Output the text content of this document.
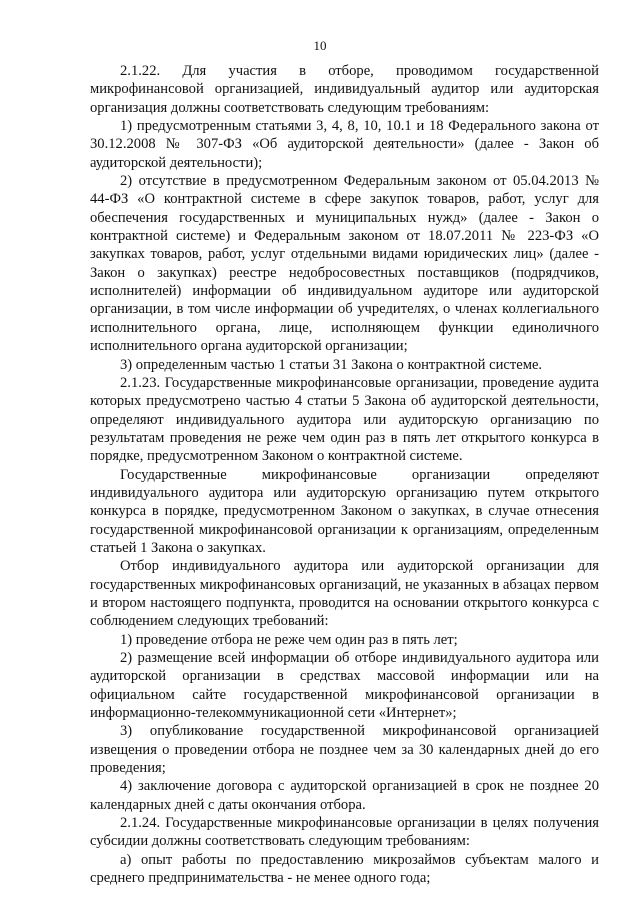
10

2.1.22. Для участия в отборе, проводимом государственной микрофинансовой организацией, индивидуальный аудитор или аудиторская организация должны соответствовать следующим требованиям:

1) предусмотренным статьями 3, 4, 8, 10, 10.1 и 18 Федерального закона от 30.12.2008 № 307-ФЗ «Об аудиторской деятельности» (далее - Закон об аудиторской деятельности);

2) отсутствие в предусмотренном Федеральным законом от 05.04.2013 № 44-ФЗ «О контрактной системе в сфере закупок товаров, работ, услуг для обеспечения государственных и муниципальных нужд» (далее - Закон о контрактной системе) и Федеральным законом от 18.07.2011 № 223-ФЗ «О закупках товаров, работ, услуг отдельными видами юридических лиц» (далее - Закон о закупках) реестре недобросовестных поставщиков (подрядчиков, исполнителей) информации об индивидуальном аудиторе или аудиторской организации, в том числе информации об учредителях, о членах коллегиального исполнительного органа, лице, исполняющем функции единоличного исполнительного органа аудиторской организации;

3) определенным частью 1 статьи 31 Закона о контрактной системе.

2.1.23. Государственные микрофинансовые организации, проведение аудита которых предусмотрено частью 4 статьи 5 Закона об аудиторской деятельности, определяют индивидуального аудитора или аудиторскую организацию по результатам проведения не реже чем один раз в пять лет открытого конкурса в порядке, предусмотренном Законом о контрактной системе.

Государственные микрофинансовые организации определяют индивидуального аудитора или аудиторскую организацию путем открытого конкурса в порядке, предусмотренном Законом о закупках, в случае отнесения государственной микрофинансовой организации к организациям, определенным статьей 1 Закона о закупках.

Отбор индивидуального аудитора или аудиторской организации для государственных микрофинансовых организаций, не указанных в абзацах первом и втором настоящего подпункта, проводится на основании открытого конкурса с соблюдением следующих требований:

1) проведение отбора не реже чем один раз в пять лет;

2) размещение всей информации об отборе индивидуального аудитора или аудиторской организации в средствах массовой информации или на официальном сайте государственной микрофинансовой организации в информационно-телекоммуникационной сети «Интернет»;

3) опубликование государственной микрофинансовой организацией извещения о проведении отбора не позднее чем за 30 календарных дней до его проведения;

4) заключение договора с аудиторской организацией в срок не позднее 20 календарных дней с даты окончания отбора.

2.1.24. Государственные микрофинансовые организации в целях получения субсидии должны соответствовать следующим требованиям:

а) опыт работы по предоставлению микрозаймов субъектам малого и среднего предпринимательства - не менее одного года;
